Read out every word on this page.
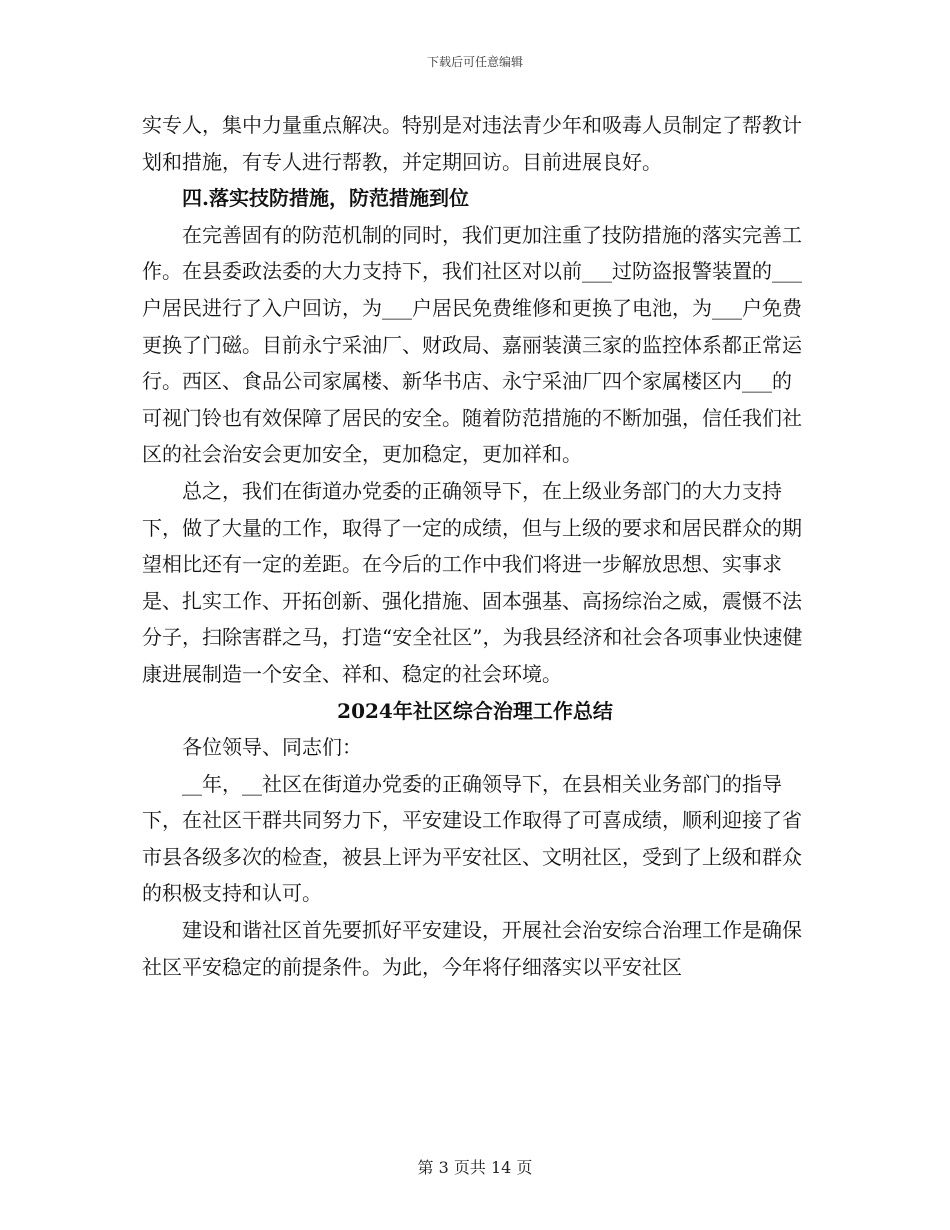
下载后可任意编辑

实专人，集中力量重点解决。特别是对违法青少年和吸毒人员制定了帮教计划和措施，有专人进行帮教，并定期回访。目前进展良好。

四.落实技防措施，防范措施到位

在完善固有的防范机制的同时，我们更加注重了技防措施的落实完善工作。在县委政法委的大力支持下，我们社区对以前___过防盗报警装置的___户居民进行了入户回访，为___户居民免费维修和更换了电池，为___户免费更换了门磁。目前永宁采油厂、财政局、嘉丽装潢三家的监控体系都正常运行。西区、食品公司家属楼、新华书店、永宁采油厂四个家属楼区内___的可视门铃也有效保障了居民的安全。随着防范措施的不断加强，信任我们社区的社会治安会更加安全，更加稳定，更加祥和。

总之，我们在街道办党委的正确领导下，在上级业务部门的大力支持下，做了大量的工作，取得了一定的成绩，但与上级的要求和居民群众的期望相比还有一定的差距。在今后的工作中我们将进一步解放思想、实事求是、扎实工作、开拓创新、强化措施、固本强基、高扬综治之威，震慑不法分子，扫除害群之马，打造“安全社区”，为我县经济和社会各项事业快速健康进展制造一个安全、祥和、稳定的社会环境。

2024年社区综合治理工作总结

各位领导、同志们：

__年，__社区在街道办党委的正确领导下，在县相关业务部门的指导下，在社区干群共同努力下，平安建设工作取得了可喜成绩，顺利迎接了省市县各级多次的检查，被县上评为平安社区、文明社区，受到了上级和群众的积极支持和认可。

建设和谐社区首先要抓好平安建设，开展社会治安综合治理工作是确保社区平安稳定的前提条件。为此，今年将仔细落实以平安社区

第 3 页共 14 页
